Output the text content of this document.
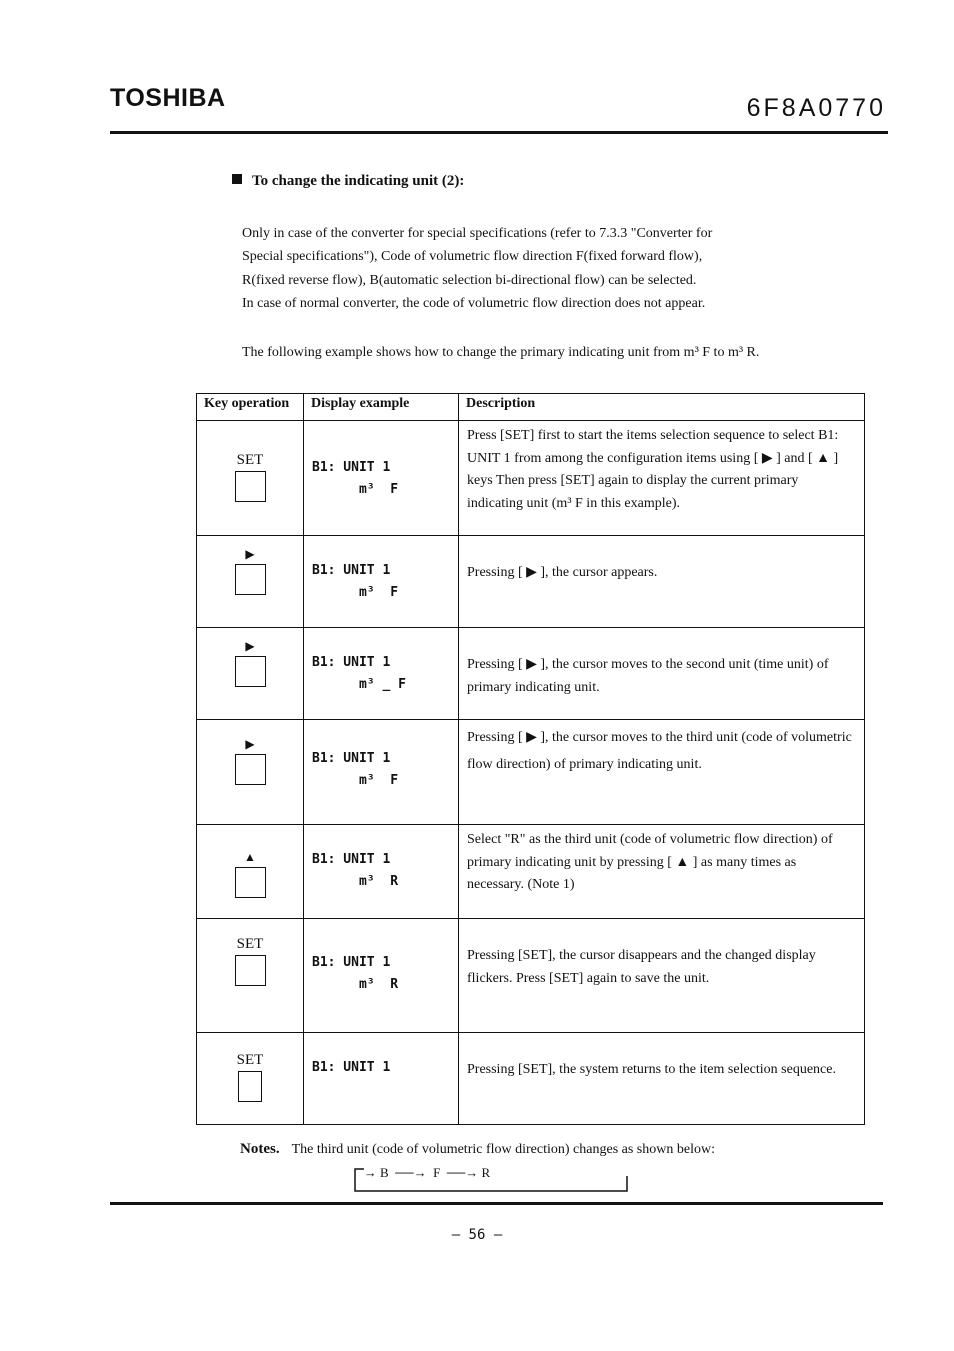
TOSHIBA	6F8A0770
To change the indicating unit (2):

Only in case of the converter for special specifications (refer to 7.3.3 "Converter for

Special specifications"), Code of volumetric flow direction F(fixed forward flow),

R(fixed reverse flow), B(automatic selection bi-directional flow) can be selected.

In case of normal converter, the code of volumetric flow direction does not appear.

The following example shows how to change the primary indicating unit from m³ F to m³ R.
Key operation	Display example	Description

SET	B1: UNIT 1
m³  F	Press [SET] first to start the items selection sequence to select B1: UNIT 1 from among the configuration items using [ ▶ ] and [ ▲ ] keys Then press [SET] again to display the current primary indicating unit (m³ F in this example).

▶	B1: UNIT 1
m³  F	Pressing [ ▶ ], the cursor appears.

▶	B1: UNIT 1
m³ _ F	Pressing [ ▶ ], the cursor moves to the second unit (time unit) of primary indicating unit.

▶	B1: UNIT 1
m³  F	Pressing [ ▶ ], the cursor moves to the third unit (code of volumetric flow direction) of primary indicating unit.

▲	B1: UNIT 1
m³  R	Select "R" as the third unit (code of volumetric flow direction) of primary indicating unit by pressing [ ▲ ] as many times as necessary. (Note 1)

SET	B1: UNIT 1
m³  R	Pressing [SET], the cursor disappears and the changed display flickers. Press [SET] again to save the unit.

SET	B1: UNIT 1	Pressing [SET], the system returns to the item selection sequence.
Notes. The third unit (code of volumetric flow direction) changes as shown below:
→ B  ──→  F  ──→ R
— 56 —
